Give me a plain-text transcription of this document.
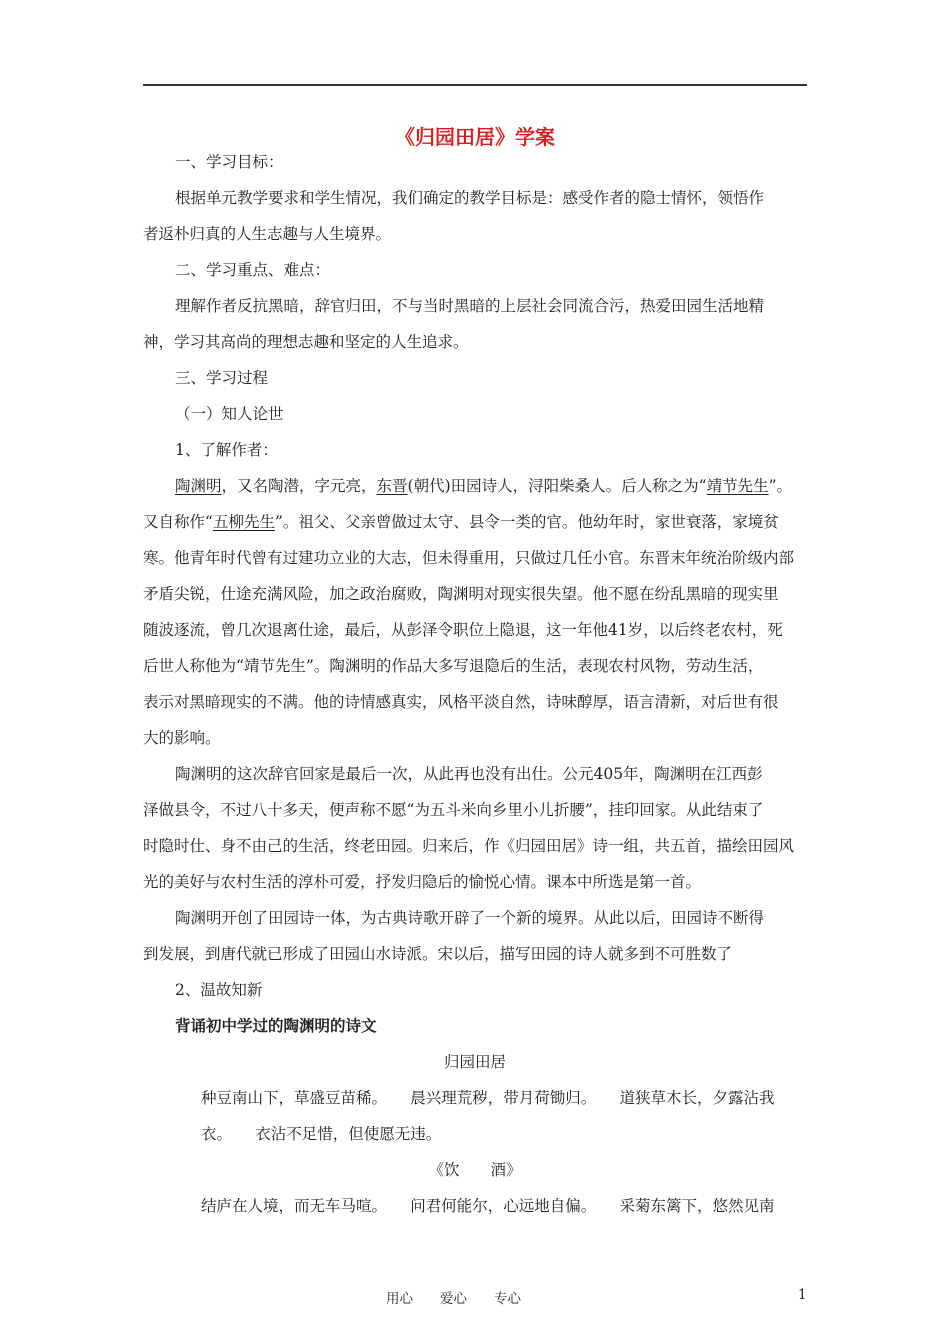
《归园田居》学案
一、学习目标：
根据单元教学要求和学生情况，我们确定的教学目标是：感受作者的隐士情怀，领悟作
者返朴归真的人生志趣与人生境界。
二、学习重点、难点：
理解作者反抗黑暗，辞官归田，不与当时黑暗的上层社会同流合污，热爱田园生活地精
神，学习其高尚的理想志趣和坚定的人生追求。
三、学习过程
（一）知人论世
1、了解作者：
陶渊明，又名陶潜，字元亮，东晋(朝代)田园诗人，浔阳柴桑人。后人称之为“靖节先生”。
又自称作“五柳先生”。祖父、父亲曾做过太守、县令一类的官。他幼年时，家世衰落，家境贫
寒。他青年时代曾有过建功立业的大志，但未得重用，只做过几任小官。东晋末年统治阶级内部
矛盾尖锐，仕途充满风险，加之政治腐败，陶渊明对现实很失望。他不愿在纷乱黑暗的现实里
随波逐流，曾几次退离仕途，最后，从彭泽令职位上隐退，这一年他41岁，以后终老农村，死
后世人称他为“靖节先生”。陶渊明的作品大多写退隐后的生活，表现农村风物，劳动生活，
表示对黑暗现实的不满。他的诗情感真实，风格平淡自然，诗味醇厚，语言清新，对后世有很
大的影响。
陶渊明的这次辞官回家是最后一次，从此再也没有出仕。公元405年，陶渊明在江西彭
泽做县令，不过八十多天，便声称不愿“为五斗米向乡里小儿折腰”，挂印回家。从此结束了
时隐时仕、身不由己的生活，终老田园。归来后，作《归园田居》诗一组，共五首，描绘田园风
光的美好与农村生活的淳朴可爱，抒发归隐后的愉悦心情。课本中所选是第一首。
陶渊明开创了田园诗一体，为古典诗歌开辟了一个新的境界。从此以后，田园诗不断得
到发展，到唐代就已形成了田园山水诗派。宋以后，描写田园的诗人就多到不可胜数了
2、温故知新
背诵初中学过的陶渊明的诗文
归园田居
种豆南山下，草盛豆苗稀。　　晨兴理荒秽，带月荷锄归。　　道狭草木长，夕露沾我
衣。　　衣沾不足惜，但使愿无违。
《饮　　酒》
结庐在人境，而无车马喧。　　问君何能尔，心远地自偏。　　采菊东篱下，悠然见南
用心　　爱心　　专心	1
